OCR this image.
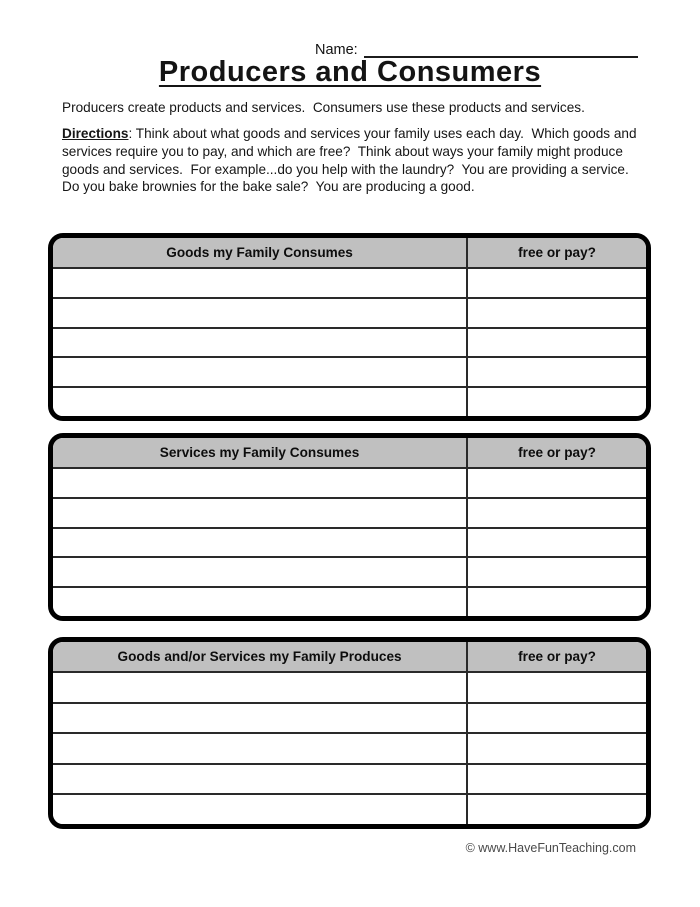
Name:
Producers and Consumers

Producers create products and services.  Consumers use these products and services.

Directions: Think about what goods and services your family uses each day.  Which goods and services require you to pay, and which are free?  Think about ways your family might produce goods and services.  For example...do you help with the laundry?  You are providing a service.  Do you bake brownies for the bake sale?  You are producing a good.

Goods my Family Consumes	free or pay?
Services my Family Consumes	free or pay?
Goods and/or Services my Family Produces	free or pay?
© www.HaveFunTeaching.com
